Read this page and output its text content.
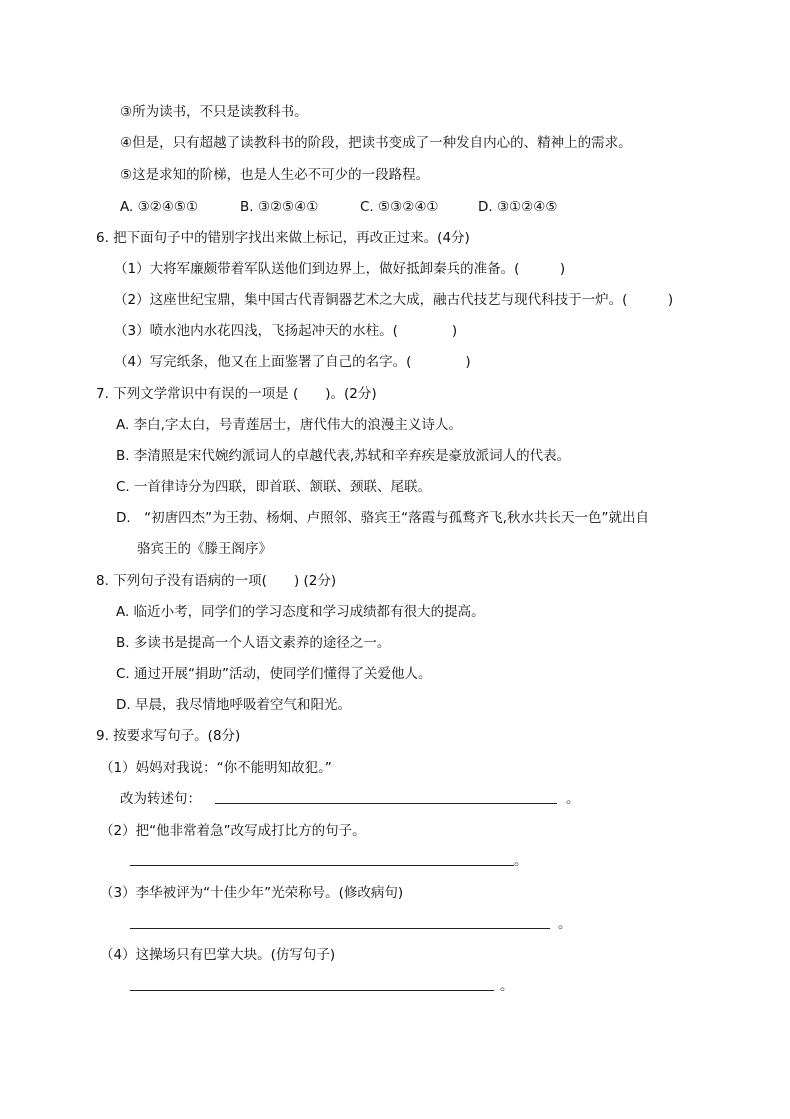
③所为读书，不只是读教科书。
④但是，只有超越了读教科书的阶段，把读书变成了一种发自内心的、精神上的需求。
⑤这是求知的阶梯，也是人生必不可少的一段路程。
A. ③②④⑤①	B. ③②⑤④①	C. ⑤③②④①	D. ③①②④⑤
6. 把下面句子中的错别字找出来做上标记，再改正过来。(4分)
（1）大将军廉颇带着军队送他们到边界上，做好抵卸秦兵的准备。(　　　)
（2）这座世纪宝鼎，集中国古代青铜器艺术之大成，融古代技艺与现代科技于一炉。(　　　)
（3）喷水池内水花四浅，飞扬起冲天的水柱。(　　　　)
（4）写完纸条，他又在上面鉴署了自己的名字。(　　　　)
7. 下列文学常识中有误的一项是 (　　)。(2分)
A. 李白,字太白，号青莲居士，唐代伟大的浪漫主义诗人。
B. 李清照是宋代婉约派词人的卓越代表,苏轼和辛弃疾是豪放派词人的代表。
C. 一首律诗分为四联，即首联、颔联、颈联、尾联。
D.　“初唐四杰”为王勃、杨炯、卢照邻、骆宾王“落霞与孤鹜齐飞,秋水共长天一色”就出自
骆宾王的《滕王阁序》
8. 下列句子没有语病的一项(　　) (2分)
A. 临近小考，同学们的学习态度和学习成绩都有很大的提高。
B. 多读书是提高一个人语文素养的途径之一。
C. 通过开展“捐助”活动，使同学们懂得了关爱他人。
D. 早晨，我尽情地呼吸着空气和阳光。
9. 按要求写句子。(8分)
（1）妈妈对我说：“你不能明知故犯。”
改为转述句：	。
（2）把“他非常着急”改写成打比方的句子。
。
（3）李华被评为“十佳少年”光荣称号。(修改病句)
。
（4）这操场只有巴掌大块。(仿写句子)
。
